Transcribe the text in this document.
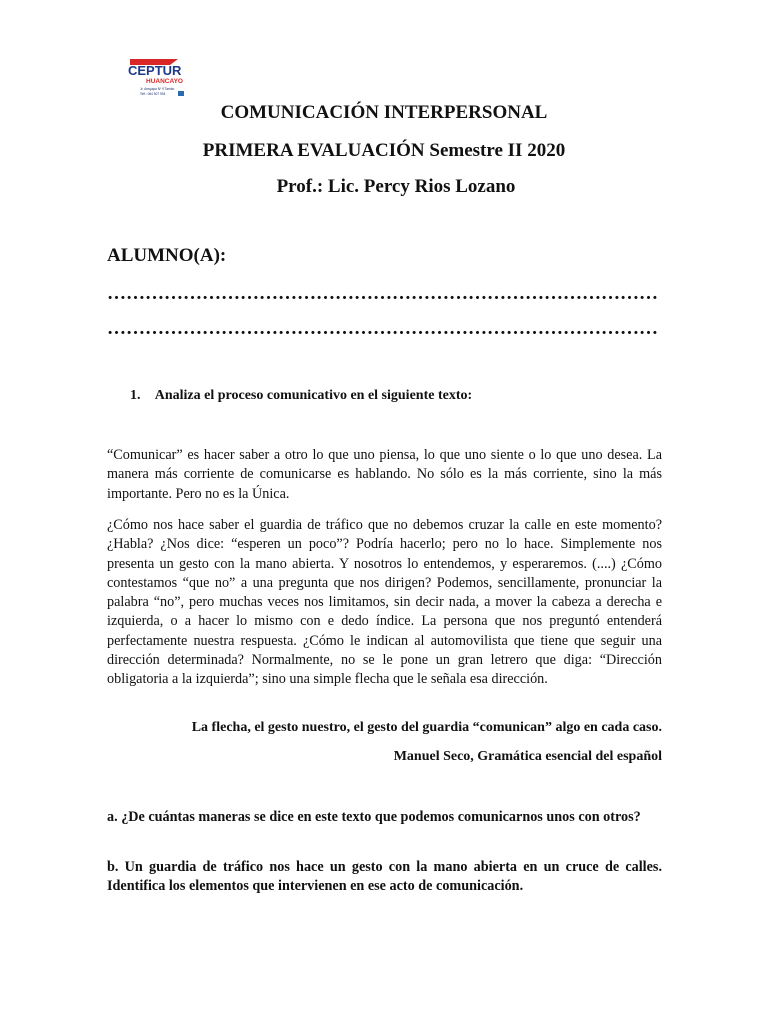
CEPTUR
HUANCAYO
Jr. Arequipa Nº 9 Tambo
Telf.: 064 507 994
COMUNICACIÓN INTERPERSONAL
PRIMERA EVALUACIÓN Semestre II 2020
Prof.: Lic. Percy Rios Lozano
ALUMNO(A):
……………………………………………………………………………
……………………………………………………………………………
1. Analiza el proceso comunicativo en el siguiente texto:
“Comunicar” es hacer saber a otro lo que uno piensa, lo que uno siente o lo que uno desea. La manera más corriente de comunicarse es hablando. No sólo es la más corriente, sino la más importante. Pero no es la Única.
¿Cómo nos hace saber el guardia de tráfico que no debemos cruzar la calle en este momento? ¿Habla? ¿Nos dice: “esperen un poco”? Podría hacerlo; pero no lo hace. Simplemente nos presenta un gesto con la mano abierta. Y nosotros lo entendemos, y esperaremos. (....) ¿Cómo contestamos “que no” a una pregunta que nos dirigen? Podemos, sencillamente, pronunciar la palabra “no”, pero muchas veces nos limitamos, sin decir nada, a mover la cabeza a derecha e izquierda, o a hacer lo mismo con e dedo índice. La persona que nos preguntó entenderá perfectamente nuestra respuesta. ¿Cómo le indican al automovilista que tiene que seguir una dirección determinada? Normalmente, no se le pone un gran letrero que diga: “Dirección obligatoria a la izquierda”; sino una simple flecha que le señala esa dirección.
La flecha, el gesto nuestro, el gesto del guardia “comunican” algo en cada caso.
Manuel Seco, Gramática esencial del español
a. ¿De cuántas maneras se dice en este texto que podemos comunicarnos unos con otros?
b. Un guardia de tráfico nos hace un gesto con la mano abierta en un cruce de calles. Identifica los elementos que intervienen en ese acto de comunicación.
